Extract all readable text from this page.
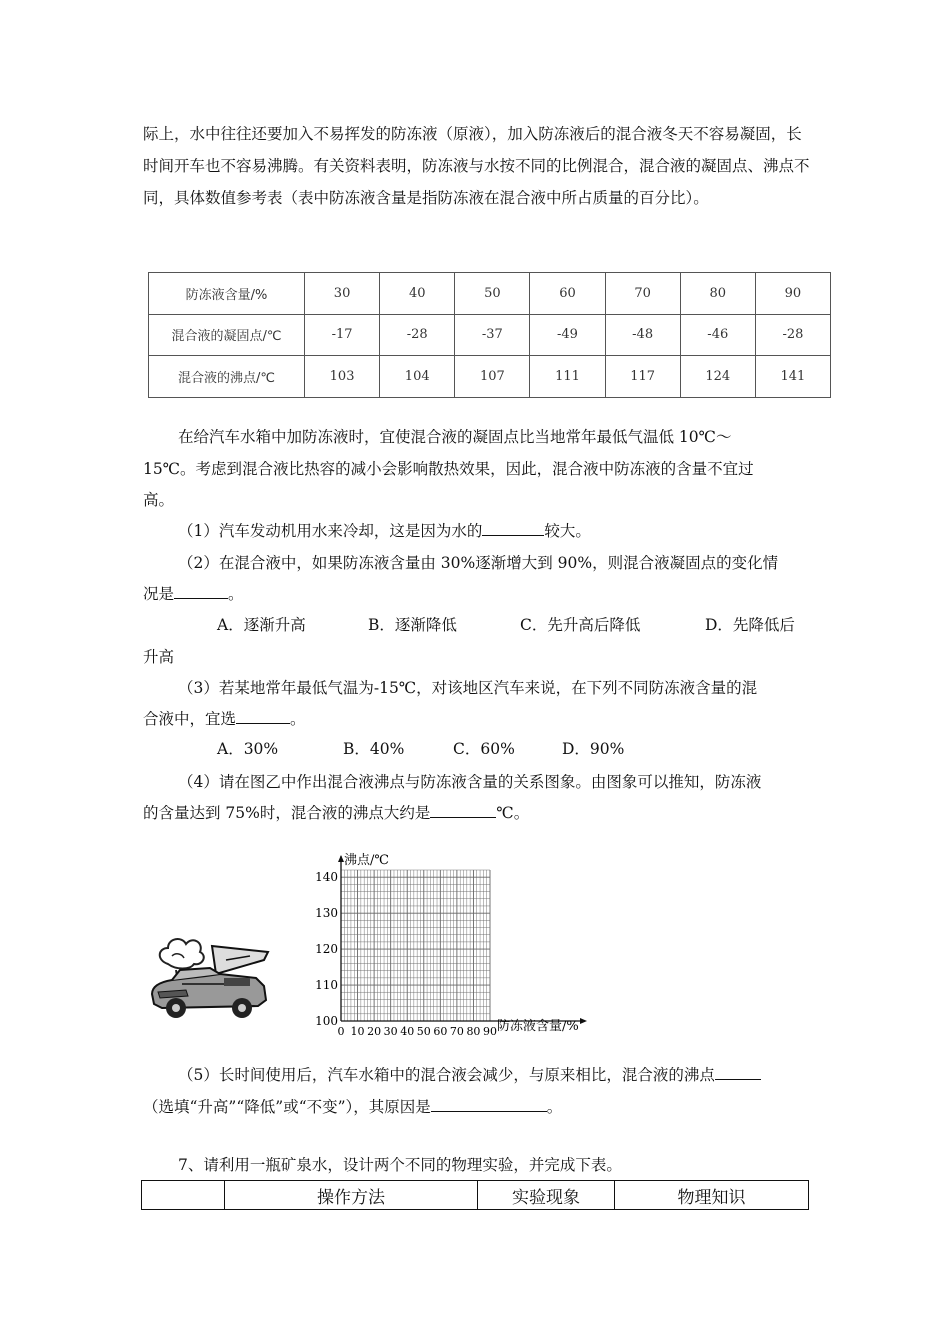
际上，水中往往还要加入不易挥发的防冻液（原液），加入防冻液后的混合液冬天不容易凝固，长时间开车也不容易沸腾。有关资料表明，防冻液与水按不同的比例混合，混合液的凝固点、沸点不同，具体数值参考表（表中防冻液含量是指防冻液在混合液中所占质量的百分比）。

防冻液含量/%	30	40	50	60	70	80	90
混合液的凝固点/℃	-17	-28	-37	-49	-48	-46	-28
混合液的沸点/℃	103	104	107	111	117	124	141
在给汽车水箱中加防冻液时，宜使混合液的凝固点比当地常年最低气温低 10℃～
15℃。考虑到混合液比热容的减小会影响散热效果，因此，混合液中防冻液的含量不宜过
高。
（1）汽车发动机用水来冷却，这是因为水的	较大。
（2）在混合液中，如果防冻液含量由 30%逐渐增大到 90%，则混合液凝固点的变化情
况是	。
A．逐渐升高	B．逐渐降低	C．先升高后降低	D．先降低后
升高
（3）若某地常年最低气温为-15℃，对该地区汽车来说，在下列不同防冻液含量的混
合液中，宜选	。
A．30%	B．40%	C．60%	D．90%
（4）请在图乙中作出混合液沸点与防冻液含量的关系图象。由图象可以推知，防冻液
的含量达到 75%时，混合液的沸点大约是	℃。
100
110
120
130
140
0 10 20 30 40 50 60 70 80 90
沸点/℃
防冻液含量/%
（5）长时间使用后，汽车水箱中的混合液会减少，与原来相比，混合液的沸点
（选填“升高”“降低”或“不变”），其原因是	。
7、请利用一瓶矿泉水，设计两个不同的物理实验，并完成下表。
	操作方法	实验现象	物理知识
